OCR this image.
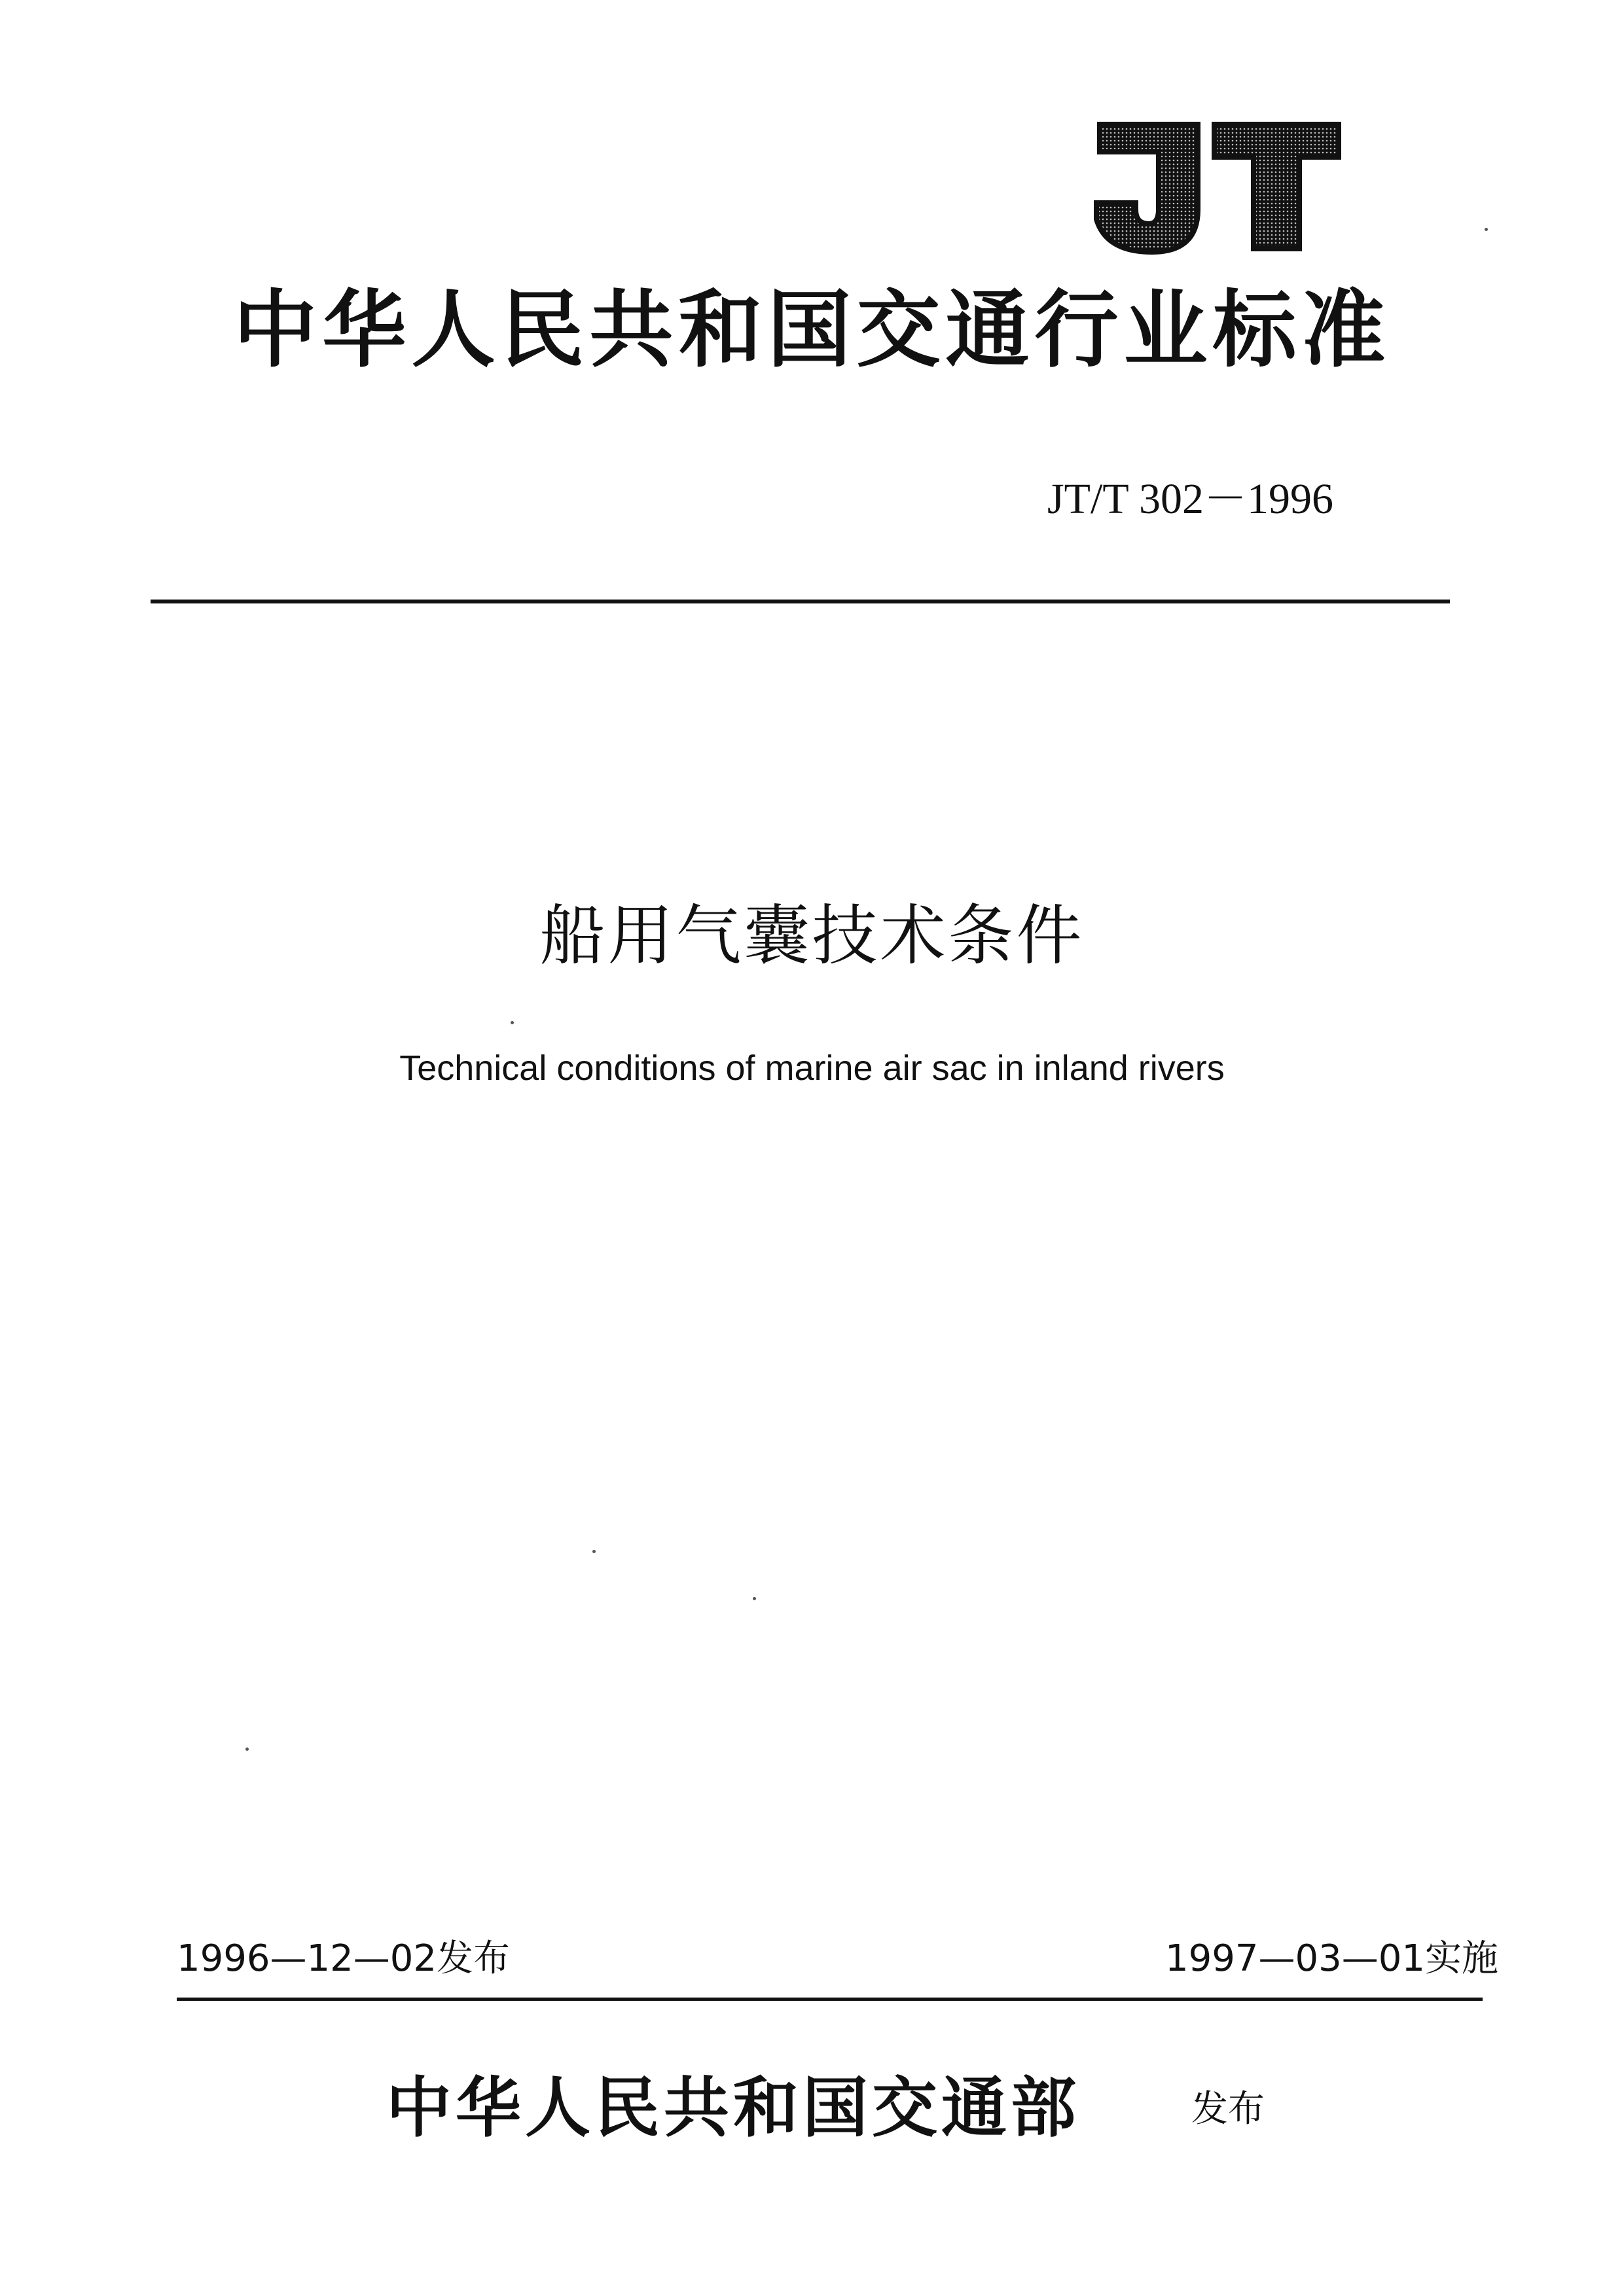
中华人民共和国交通行业标准
JT/T 302－1996
船用气囊技术条件
Technical conditions of marine air sac in inland rivers
1996—12—02发布	1997—03—01实施
中华人民共和国交通部	发布
